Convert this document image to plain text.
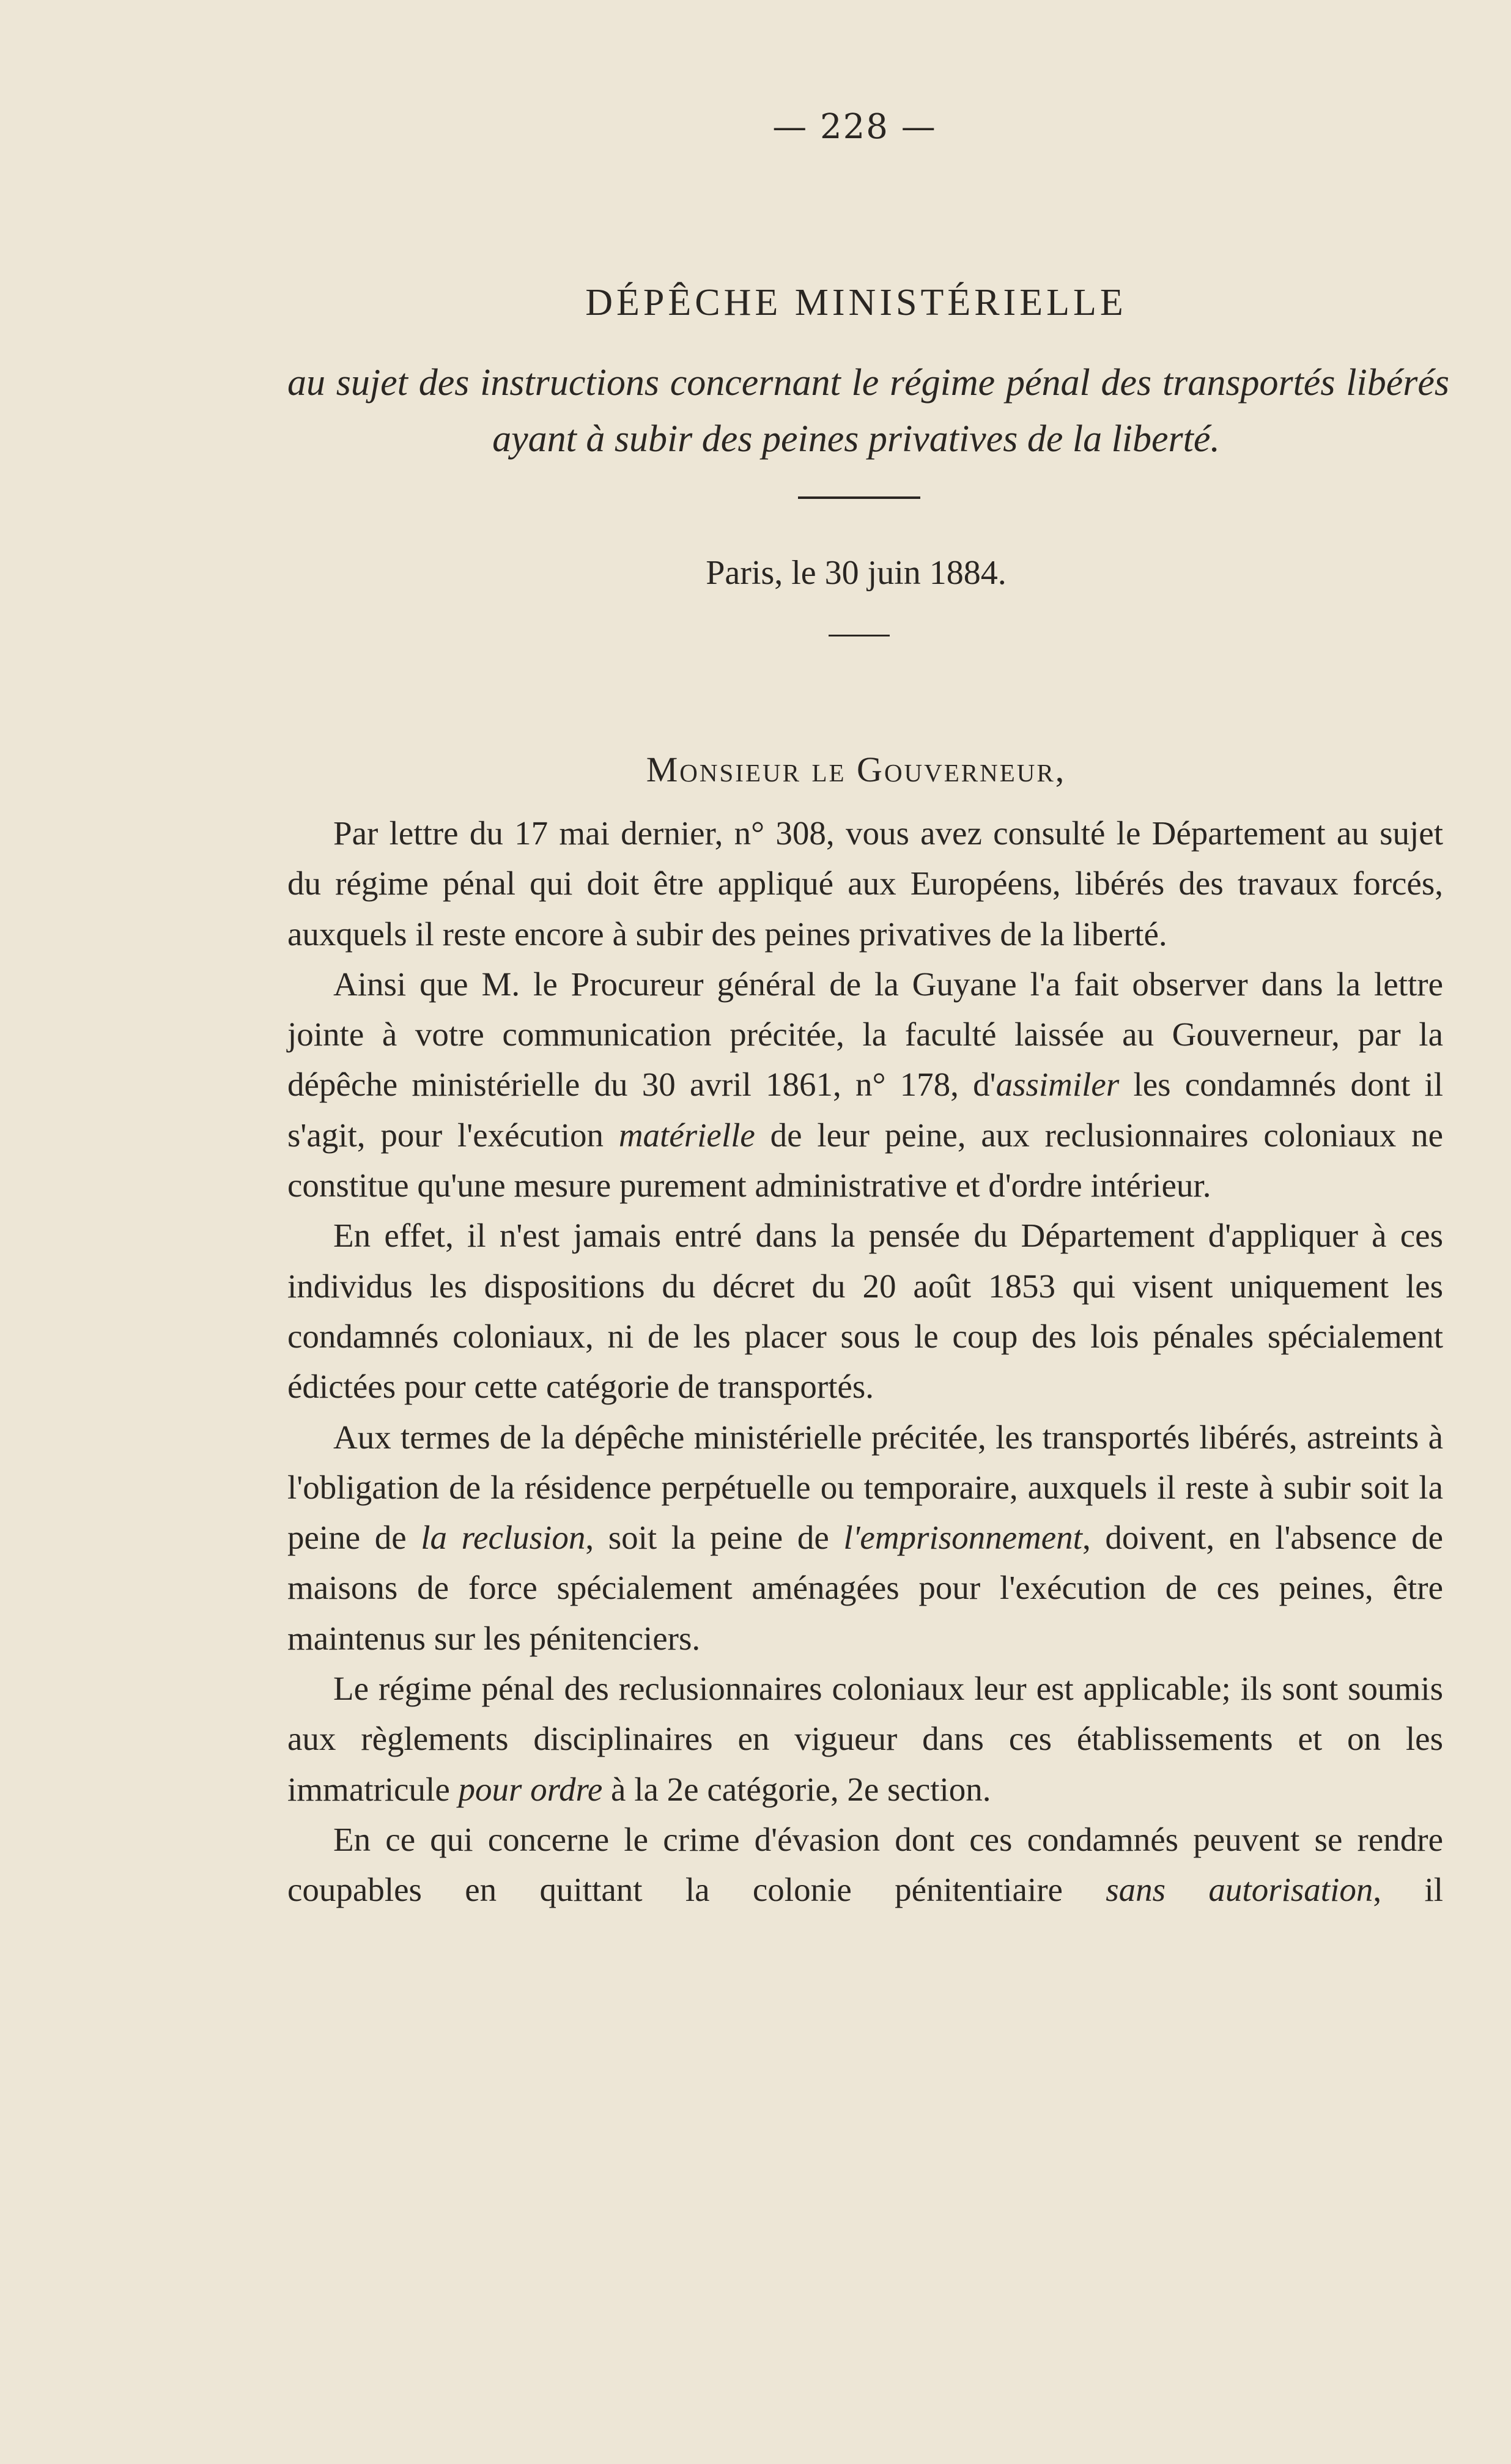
— 228 —
DÉPÊCHE MINISTÉRIELLE
au sujet des instructions concernant le régime pénal des transportés libérés
ayant à subir des peines privatives de la liberté.
Paris, le 30 juin 1884.
Monsieur le Gouverneur,

Par lettre du 17 mai dernier, n° 308, vous avez consulté le Département au sujet du régime pénal qui doit être appliqué aux Européens, libérés des travaux forcés, auxquels il reste encore à subir des peines privatives de la liberté.

Ainsi que M. le Procureur général de la Guyane l'a fait observer dans la lettre jointe à votre communication précitée, la faculté laissée au Gouverneur, par la dépêche ministérielle du 30 avril 1861, n° 178, d'assimiler les condamnés dont il s'agit, pour l'exécution matérielle de leur peine, aux reclusionnaires coloniaux ne constitue qu'une mesure purement administrative et d'ordre intérieur.

En effet, il n'est jamais entré dans la pensée du Département d'appliquer à ces individus les dispositions du décret du 20 août 1853 qui visent uniquement les condamnés coloniaux, ni de les placer sous le coup des lois pénales spécialement édictées pour cette catégorie de transportés.

Aux termes de la dépêche ministérielle précitée, les transportés libérés, astreints à l'obligation de la résidence perpétuelle ou temporaire, auxquels il reste à subir soit la peine de la reclusion, soit la peine de l'emprisonnement, doivent, en l'absence de maisons de force spécialement aménagées pour l'exécution de ces peines, être maintenus sur les pénitenciers.

Le régime pénal des reclusionnaires coloniaux leur est applicable; ils sont soumis aux règlements disciplinaires en vigueur dans ces établissements et on les immatricule pour ordre à la 2e catégorie, 2e section.

En ce qui concerne le crime d'évasion dont ces condamnés peuvent se rendre coupables en quittant la colonie pénitentiaire sans autorisation, il
